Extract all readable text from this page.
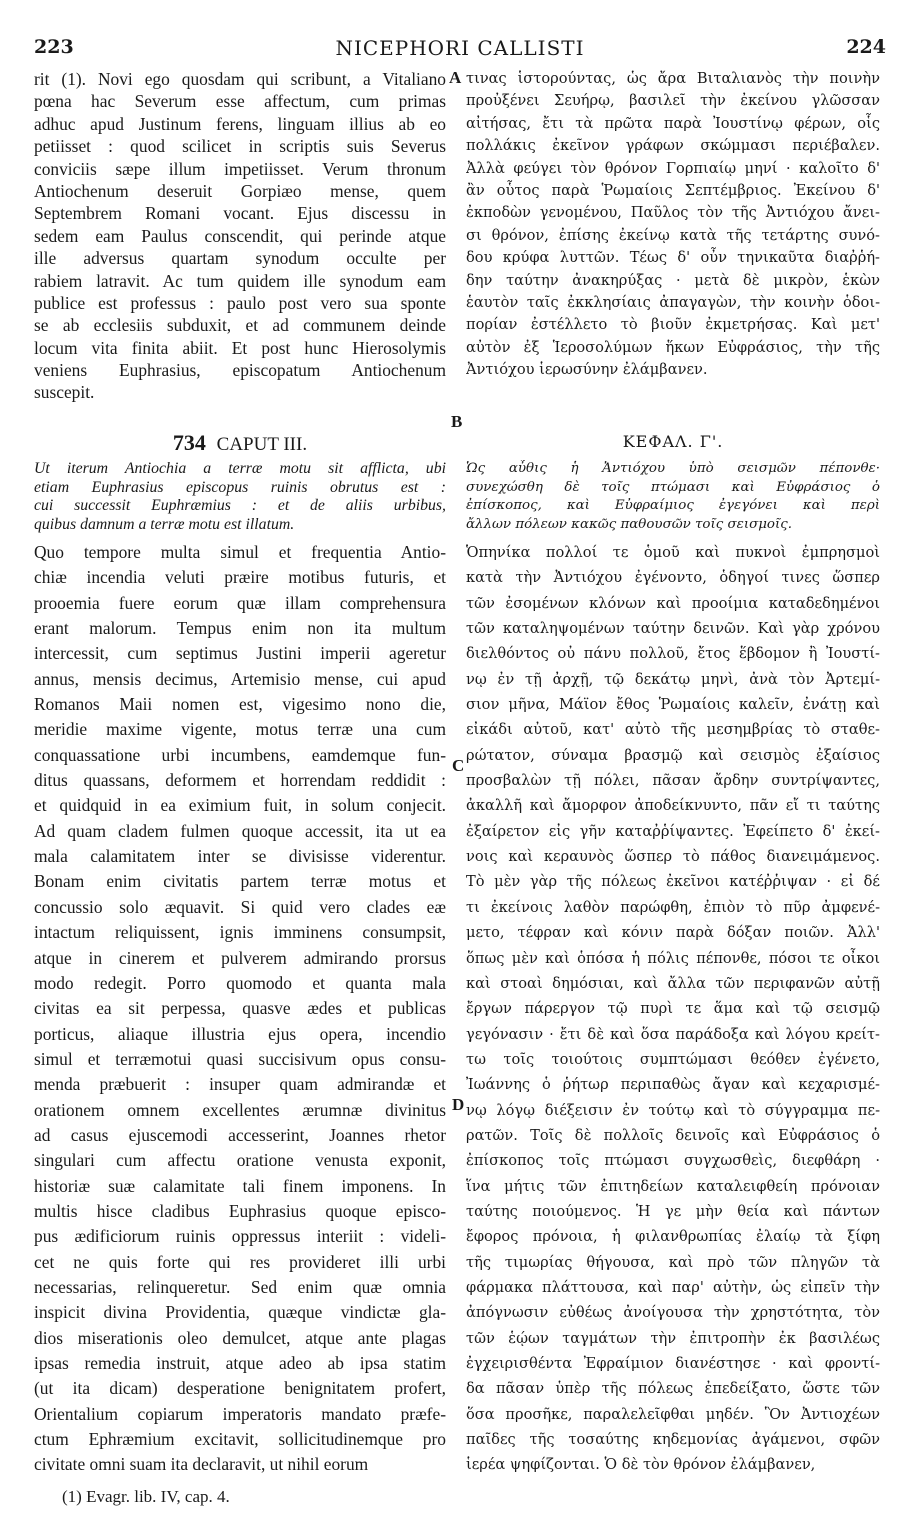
223	NICEPHORI CALLISTI	224
rit (1). Novi ego quosdam qui scribunt, a Vitaliano
pœna hac Severum esse affectum, cum primas
adhuc apud Justinum ferens, linguam illius ab eo
petiisset : quod scilicet in scriptis suis Severus
conviciis sæpe illum impetiisset. Verum thronum
Antiochenum deseruit Gorpiæo mense, quem
Septembrem Romani vocant. Ejus discessu in
sedem eam Paulus conscendit, qui perinde atque
ille adversus quartam synodum occulte per
rabiem latravit. Ac tum quidem ille synodum eam
publice est professus : paulo post vero sua sponte
se ab ecclesiis subduxit, et ad communem deinde
locum vita finita abiit. Et post hunc Hierosolymis
veniens Euphrasius, episcopatum Antiochenum
suscepit.
τινας ἱστορούντας, ὡς ἄρα Βιταλιανὸς τὴν ποινὴν
προὐξένει Σευήρῳ, βασιλεῖ τὴν ἐκείνου γλῶσσαν
αἰτήσας, ἔτι τὰ πρῶτα παρὰ Ἰουστίνῳ φέρων, οἷς
πολλάκις ἐκεῖνον γράφων σκώμμασι περιέβαλεν.
Ἀλλὰ φεύγει τὸν θρόνον Γορπιαίῳ μηνί · καλοῖτο δ'
ἂν οὗτος παρὰ Ῥωμαίοις Σεπτέμβριος. Ἐκείνου δ'
ἐκποδὼν γενομένου, Παῦλος τὸν τῆς Ἀντιόχου ἄνει-
σι θρόνον, ἐπίσης ἐκείνῳ κατὰ τῆς τετάρτης συνό-
δου κρύφα λυττῶν. Τέως δ' οὖν τηνικαῦτα διαῤῥή-
δην ταύτην ἀνακηρύξας · μετὰ δὲ μικρὸν, ἑκὼν
ἑαυτὸν ταῖς ἐκκλησίαις ἀπαγαγὼν, τὴν κοινὴν ὁδοι-
πορίαν ἐστέλλετο τὸ βιοῦν ἐκμετρήσας. Καὶ μετ'
αὐτὸν ἐξ Ἱεροσολύμων ἥκων Εὐφράσιος, τὴν τῆς
Ἀντιόχου ἱερωσύνην ἐλάμβανεν.
A
B
C
D
734 CAPUT III.	ΚΕΦΑΛ. Γ'.
Ut iterum Antiochia a terræ motu sit afflicta, ubi
etiam Euphrasius episcopus ruinis obrutus est :
cui successit Euphræmius : et de aliis urbibus,
quibus damnum a terræ motu est illatum.
Ὡς αὖθις ἡ Ἀντιόχου ὑπὸ σεισμῶν πέπονθε·
συνεχώσθη δὲ τοῖς πτώμασι καὶ Εὐφράσιος ὁ
ἐπίσκοπος, καὶ Εὐφραίμιος ἐγεγόνει καὶ περὶ
ἄλλων πόλεων κακῶς παθουσῶν τοῖς σεισμοῖς.
Quo tempore multa simul et frequentia Antio-
chiæ incendia veluti præire motibus futuris, et
prooemia fuere eorum quæ illam comprehensura
erant malorum. Tempus enim non ita multum
intercessit, cum septimus Justini imperii ageretur
annus, mensis decimus, Artemisio mense, cui apud
Romanos Maii nomen est, vigesimo nono die,
meridie maxime vigente, motus terræ una cum
conquassatione urbi incumbens, eamdemque fun-
ditus quassans, deformem et horrendam reddidit :
et quidquid in ea eximium fuit, in solum conjecit.
Ad quam cladem fulmen quoque accessit, ita ut ea
mala calamitatem inter se divisisse viderentur.
Bonam enim civitatis partem terræ motus et
concussio solo æquavit. Si quid vero clades eæ
intactum reliquissent, ignis imminens consumpsit,
atque in cinerem et pulverem admirando prorsus
modo redegit. Porro quomodo et quanta mala
civitas ea sit perpessa, quasve ædes et publicas
porticus, aliaque illustria ejus opera, incendio
simul et terræmotui quasi succisivum opus consu-
menda præbuerit : insuper quam admirandæ et
orationem omnem excellentes ærumnæ divinitus
ad casus ejuscemodi accesserint, Joannes rhetor
singulari cum affectu oratione venusta exponit,
historiæ suæ calamitate tali finem imponens. In
multis hisce cladibus Euphrasius quoque episco-
pus ædificiorum ruinis oppressus interiit : videli-
cet ne quis forte qui res provideret illi urbi
necessarias, relinqueretur. Sed enim quæ omnia
inspicit divina Providentia, quæque vindictæ gla-
dios miserationis oleo demulcet, atque ante plagas
ipsas remedia instruit, atque adeo ab ipsa statim
(ut ita dicam) desperatione benignitatem profert,
Orientalium copiarum imperatoris mandato præfe-
ctum Ephræmium excitavit, sollicitudinemque pro
civitate omni suam ita declaravit, ut nihil eorum
Ὁπηνίκα πολλοί τε ὁμοῦ καὶ πυκνοὶ ἐμπρησμοὶ
κατὰ τὴν Ἀντιόχου ἐγένοντο, ὁδηγοί τινες ὥσπερ
τῶν ἐσομένων κλόνων καὶ προοίμια καταδεδημένοι
τῶν καταληψομένων ταύτην δεινῶν. Καὶ γὰρ χρόνου
διελθόντος οὐ πάνυ πολλοῦ, ἔτος ἕβδομον ἢ Ἰουστί-
νῳ ἐν τῇ ἀρχῇ, τῷ δεκάτῳ μηνὶ, ἀνὰ τὸν Ἀρτεμί-
σιον μῆνα, Μάϊον ἔθος Ῥωμαίοις καλεῖν, ἐνάτῃ καὶ
εἰκάδι αὐτοῦ, κατ' αὐτὸ τῆς μεσημβρίας τὸ σταθε-
ρώτατον, σύναμα βρασμῷ καὶ σεισμὸς ἐξαίσιος
προσβαλὼν τῇ πόλει, πᾶσαν ἄρδην συντρίψαντες,
ἀκαλλῆ καὶ ἄμορφον ἀποδείκνυντο, πᾶν εἴ τι ταύτης
ἐξαίρετον εἰς γῆν καταῤῥίψαντες. Ἐφείπετο δ' ἐκεί-
νοις καὶ κεραυνὸς ὥσπερ τὸ πάθος διανειμάμενος.
Τὸ μὲν γὰρ τῆς πόλεως ἐκεῖνοι κατέῤῥιψαν · εἰ δέ
τι ἐκείνοις λαθὸν παρώφθη, ἐπιὸν τὸ πῦρ ἀμφενέ-
μετο, τέφραν καὶ κόνιν παρὰ δόξαν ποιῶν. Ἀλλ'
ὅπως μὲν καὶ ὁπόσα ἡ πόλις πέπονθε, πόσοι τε οἶκοι
καὶ στοαὶ δημόσιαι, καὶ ἄλλα τῶν περιφανῶν αὐτῇ
ἔργων πάρεργον τῷ πυρὶ τε ἅμα καὶ τῷ σεισμῷ
γεγόνασιν · ἔτι δὲ καὶ ὅσα παράδοξα καὶ λόγου κρείτ-
τω τοῖς τοιούτοις συμπτώμασι θεόθεν ἐγένετο,
Ἰωάννης ὁ ῥήτωρ περιπαθὼς ἄγαν καὶ κεχαρισμέ-
νῳ λόγῳ διέξεισιν ἐν τούτῳ καὶ τὸ σύγγραμμα πε-
ρατῶν. Τοῖς δὲ πολλοῖς δεινοῖς καὶ Εὐφράσιος ὁ
ἐπίσκοπος τοῖς πτώμασι συγχωσθεὶς, διεφθάρη ·
ἵνα μήτις τῶν ἐπιτηδείων καταλειφθείη πρόνοιαν
ταύτης ποιούμενος. Ἡ γε μὴν θεία καὶ πάντων
ἔφορος πρόνοια, ἡ φιλανθρωπίας ἐλαίῳ τὰ ξίφη
τῆς τιμωρίας θήγουσα, καὶ πρὸ τῶν πληγῶν τὰ
φάρμακα πλάττουσα, καὶ παρ' αὐτὴν, ὡς εἰπεῖν τὴν
ἀπόγνωσιν εὐθέως ἀνοίγουσα τὴν χρηστότητα, τὸν
τῶν ἑῴων ταγμάτων τὴν ἐπιτροπὴν ἐκ βασιλέως
ἐγχειρισθέντα Ἐφραίμιον διανέστησε · καὶ φροντί-
δα πᾶσαν ὑπὲρ τῆς πόλεως ἐπεδείξατο, ὥστε τῶν
ὅσα προσῆκε, παραλελεῖφθαι μηδέν. Ὃν Ἀντιοχέων
παῖδες τῆς τοσαύτης κηδεμονίας ἀγάμενοι, σφῶν
ἱερέα ψηφίζονται. Ὁ δὲ τὸν θρόνον ἐλάμβανεν,
(1) Evagr. lib. IV, cap. 4.
